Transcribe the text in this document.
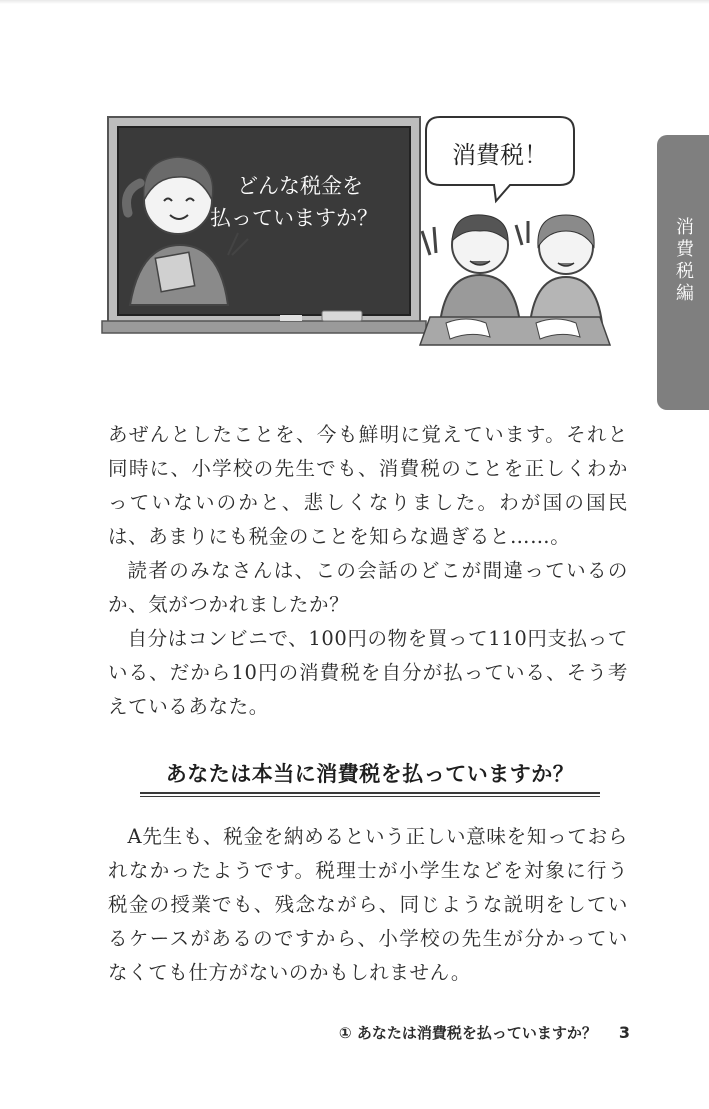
どんな税金を
払っていますか？
消費税！
消費税編

あぜんとしたことを、今も鮮明に覚えています。それと同時に、小学校の先生でも、消費税のことを正しくわかっていないのかと、悲しくなりました。わが国の国民は、あまりにも税金のことを知らな過ぎると……。

読者のみなさんは、この会話のどこが間違っているのか、気がつかれましたか？

自分はコンビニで、100円の物を買って110円支払っている、だから10円の消費税を自分が払っている、そう考えているあなた。

あなたは本当に消費税を払っていますか？

A先生も、税金を納めるという正しい意味を知っておられなかったようです。税理士が小学生などを対象に行う税金の授業でも、残念ながら、同じような説明をしているケースがあるのですから、小学校の先生が分かっていなくても仕方がないのかもしれません。

① あなたは消費税を払っていますか？ 3
